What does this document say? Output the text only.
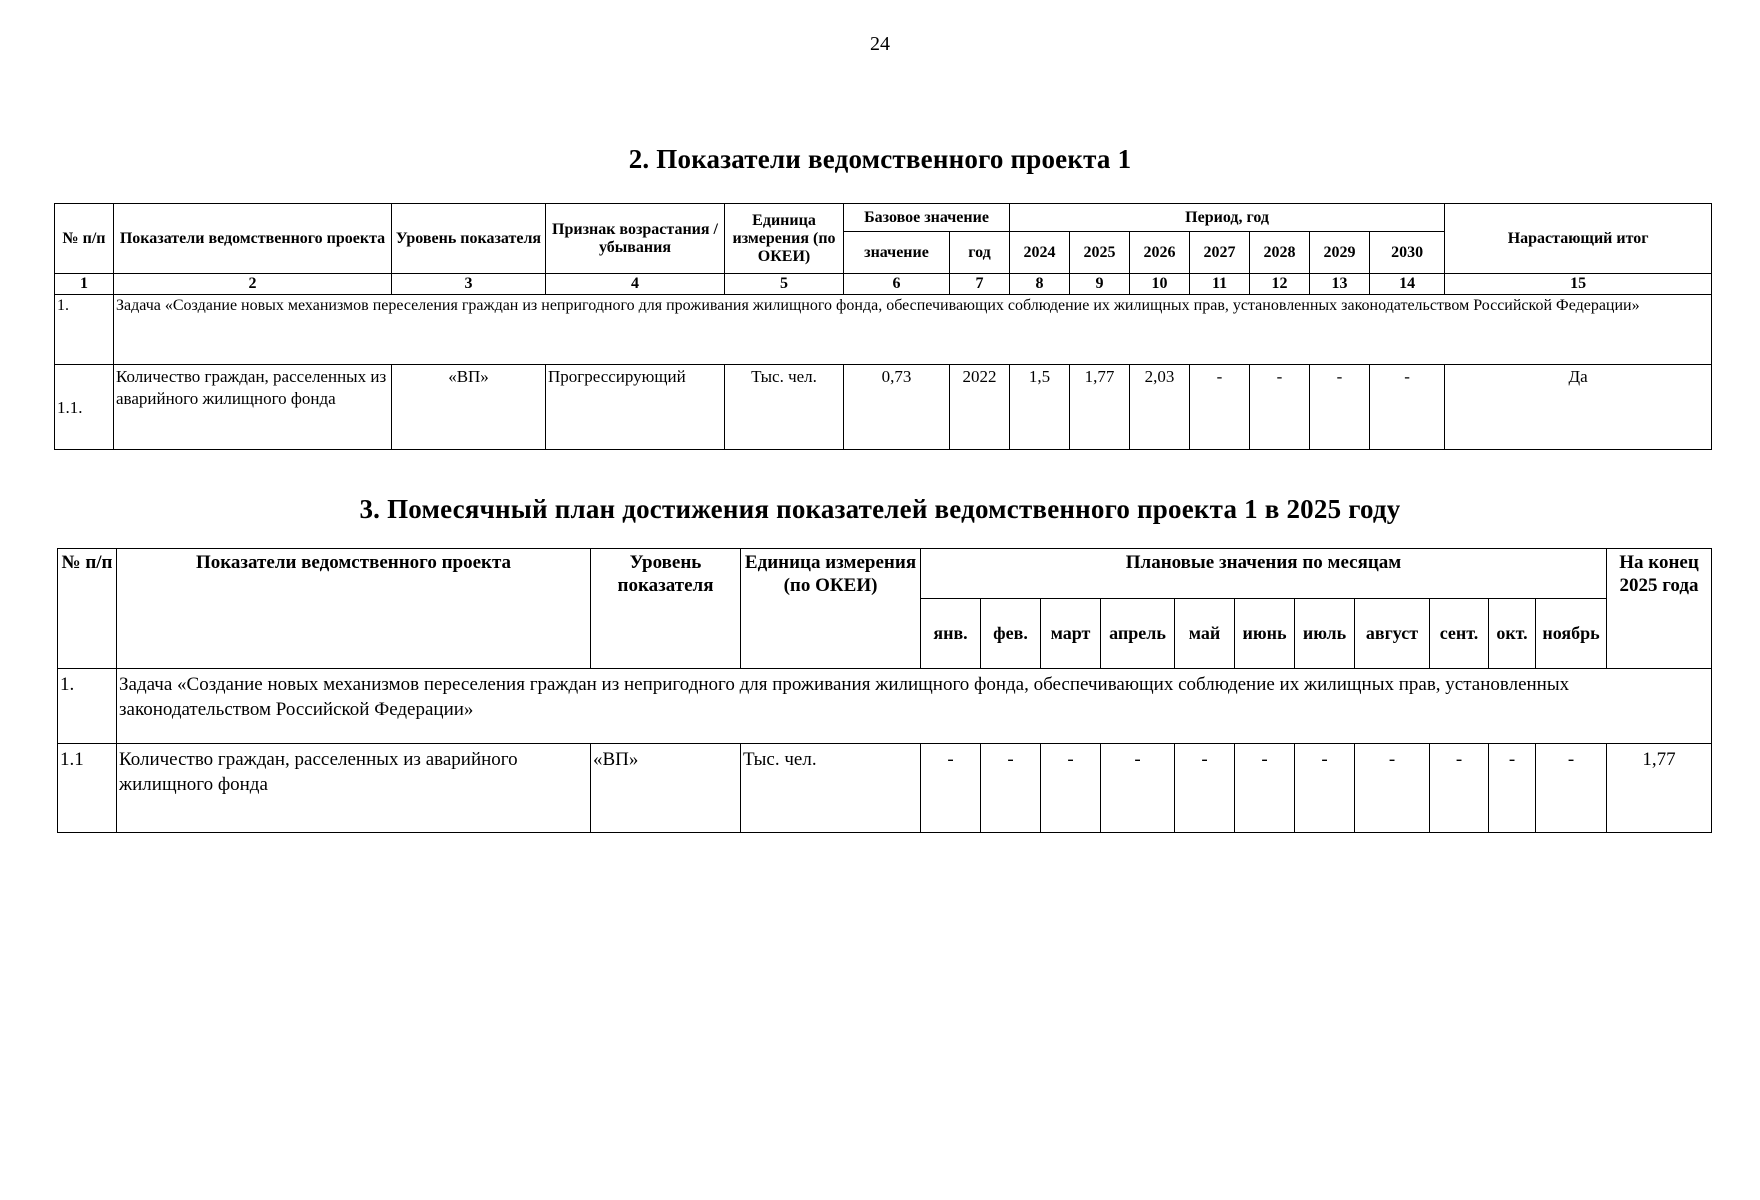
24
2. Показатели ведомственного проекта 1
№ п/п	Показатели ведомственного проекта	Уровень показателя	Признак возрастания / убывания	Единица измерения (по ОКЕИ)	Базовое значение		Период, год							Нарастающий итог
					значение	год	2024	2025	2026	2027	2028	2029	2030	
1	2	3	4	5	6	7	8	9	10	11	12	13	14	15
1.	Задача «Создание новых механизмов переселения граждан из непригодного для проживания жилищного фонда, обеспечивающих соблюдение их жилищных прав, установленных законодательством Российской Федерации»													
1.1.	Количество граждан, расселенных из аварийного жилищного фонда	«ВП»	Прогрессирующий	Тыс. чел.	0,73	2022	1,5	1,77	2,03	-	-	-	-	Да
3. Помесячный план достижения показателей ведомственного проекта 1 в 2025 году
№ п/п	Показатели ведомственного проекта	Уровень показателя	Единица измерения (по ОКЕИ)	Плановые значения по месяцам											На конец 2025 года
				янв.	фев.	март	апрель	май	июнь	июль	август	сент.	окт.	ноябрь	
1.	Задача «Создание новых механизмов переселения граждан из непригодного для проживания жилищного фонда, обеспечивающих соблюдение их жилищных прав, установленных законодательством Российской Федерации»														
1.1	Количество граждан, расселенных из аварийного жилищного фонда	«ВП»	Тыс. чел.	-	-	-	-	-	-	-	-	-	-	-	1,77
